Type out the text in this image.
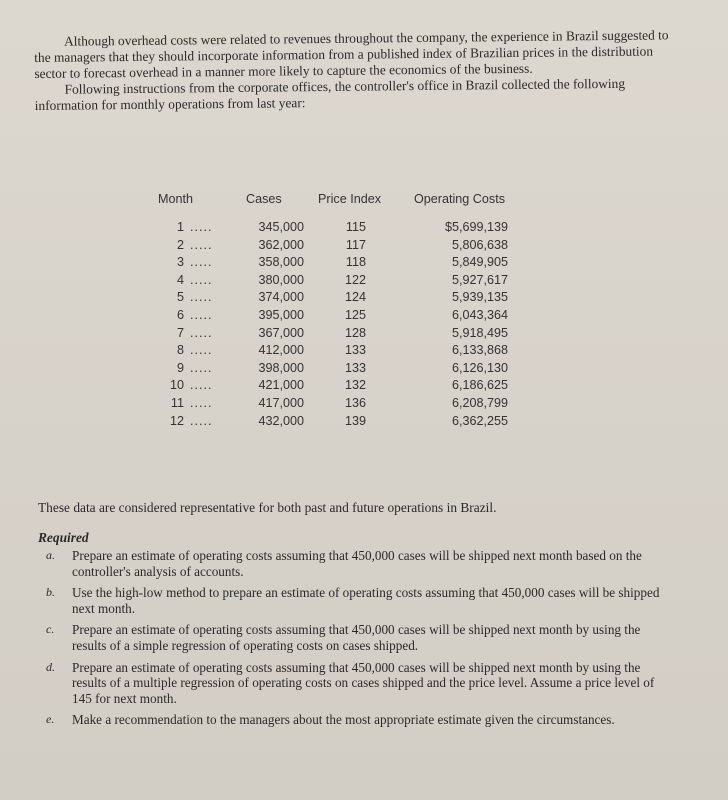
Although overhead costs were related to revenues throughout the company, the experience in Brazil suggested to the managers that they should incorporate information from a published index of Brazilian prices in the distribution sector to forecast overhead in a manner more likely to capture the economics of the business.

Following instructions from the corporate offices, the controller's office in Brazil collected the following information for monthly operations from last year:

Month	Cases	Price Index	Operating Costs
1 .....	345,000	115	$5,699,139
2 .....	362,000	117	5,806,638
3 .....	358,000	118	5,849,905
4 .....	380,000	122	5,927,617
5 .....	374,000	124	5,939,135
6 .....	395,000	125	6,043,364
7 .....	367,000	128	5,918,495
8 .....	412,000	133	6,133,868
9 .....	398,000	133	6,126,130
10 .....	421,000	132	6,186,625
11 .....	417,000	136	6,208,799
12 .....	432,000	139	6,362,255
These data are considered representative for both past and future operations in Brazil.
Required
a. Prepare an estimate of operating costs assuming that 450,000 cases will be shipped next month based on the controller's analysis of accounts.
b. Use the high-low method to prepare an estimate of operating costs assuming that 450,000 cases will be shipped next month.
c. Prepare an estimate of operating costs assuming that 450,000 cases will be shipped next month by using the results of a simple regression of operating costs on cases shipped.
d. Prepare an estimate of operating costs assuming that 450,000 cases will be shipped next month by using the results of a multiple regression of operating costs on cases shipped and the price level. Assume a price level of 145 for next month.
e. Make a recommendation to the managers about the most appropriate estimate given the circumstances.
